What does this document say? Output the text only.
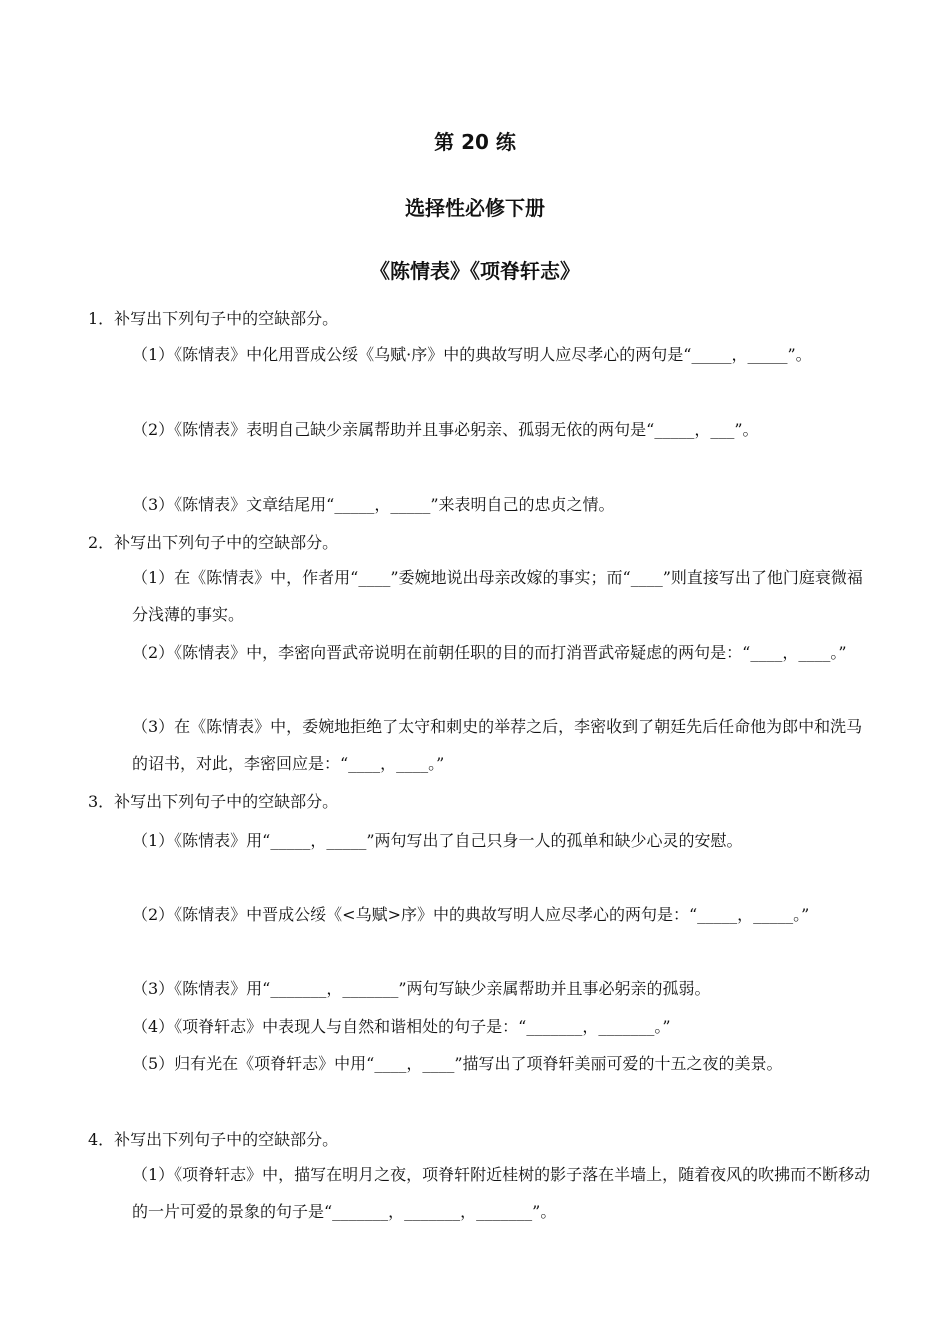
第 20 练
选择性必修下册
《陈情表》《项脊轩志》
1．补写出下列句子中的空缺部分。
（1）《陈情表》中化用晋成公绥《乌赋·序》中的典故写明人应尽孝心的两句是“_____，_____”。
（2）《陈情表》表明自己缺少亲属帮助并且事必躬亲、孤弱无依的两句是“_____，___”。
（3）《陈情表》文章结尾用“_____，_____”来表明自己的忠贞之情。
2．补写出下列句子中的空缺部分。
（1）在《陈情表》中，作者用“____”委婉地说出母亲改嫁的事实；而“____”则直接写出了他门庭衰微福分浅薄的事实。
（2）《陈情表》中，李密向晋武帝说明在前朝任职的目的而打消晋武帝疑虑的两句是：“____，____。”
（3）在《陈情表》中，委婉地拒绝了太守和刺史的举荐之后，李密收到了朝廷先后任命他为郎中和洗马的诏书，对此，李密回应是：“____，____。”
3．补写出下列句子中的空缺部分。
（1）《陈情表》用“_____，_____”两句写出了自己只身一人的孤单和缺少心灵的安慰。
（2）《陈情表》中晋成公绥《<乌赋>序》中的典故写明人应尽孝心的两句是：“_____，_____。”
（3）《陈情表》用“_______，_______”两句写缺少亲属帮助并且事必躬亲的孤弱。
（4）《项脊轩志》中表现人与自然和谐相处的句子是：“_______，_______。”
（5）归有光在《项脊轩志》中用“____，____”描写出了项脊轩美丽可爱的十五之夜的美景。
4．补写出下列句子中的空缺部分。
（1）《项脊轩志》中，描写在明月之夜，项脊轩附近桂树的影子落在半墙上，随着夜风的吹拂而不断移动的一片可爱的景象的句子是“_______，_______，_______”。
